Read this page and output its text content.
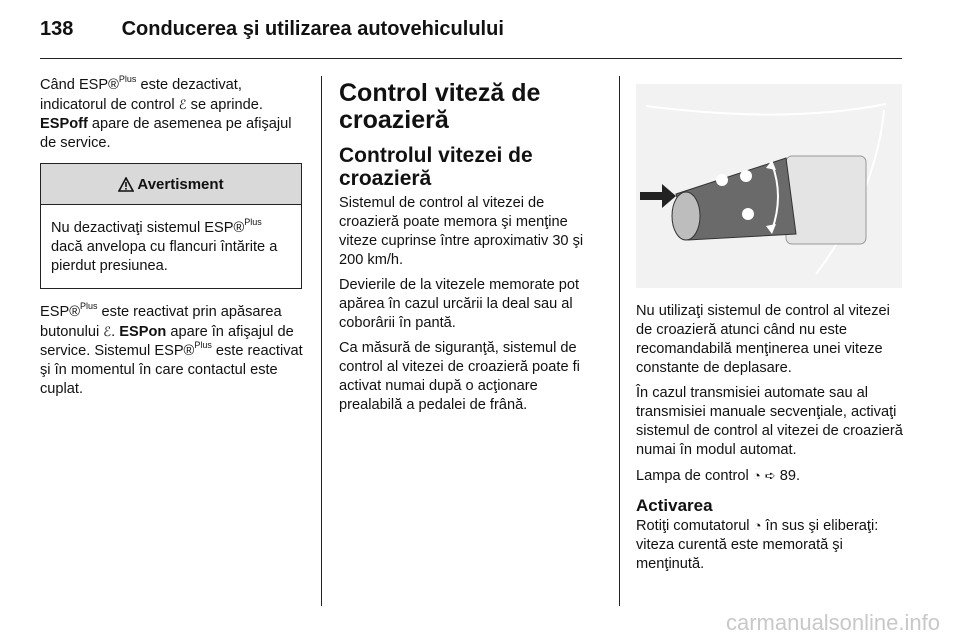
138 Conducerea şi utilizarea autovehiculului

Când ESP®$^{Plus}$ este dezactivat, indicatorul de control ℰ se aprinde. ESPoff apare de asemenea pe afişajul de service.

Avertisment
Nu dezactivaţi sistemul ESP®$^{Plus}$ dacă anvelopa cu flancuri întărite a pierdut presiunea.

ESP®$^{Plus}$ este reactivat prin apăsarea butonului ℰ. ESPon apare în afişajul de service. Sistemul ESP®$^{Plus}$ este reactivat şi în momentul în care contactul este cuplat.

Control viteză de croazieră
Controlul vitezei de croazieră

Sistemul de control al vitezei de croazieră poate memora şi menţine viteze cuprinse între aproximativ 30 şi 200 km/h.

Devierile de la vitezele memorate pot apărea în cazul urcării la deal sau al coborârii în pantă.

Ca măsură de siguranţă, sistemul de control al vitezei de croazieră poate fi activat numai după o acţionare prealabilă a pedalei de frână.

Nu utilizaţi sistemul de control al vitezei de croazieră atunci când nu este recomandabilă menţinerea unei viteze constante de deplasare.

În cazul transmisiei automate sau al transmisiei manuale secvenţiale, activaţi sistemul de control al vitezei de croazieră numai în modul automat.

Lampa de control ◔ ➪ 89.

Activarea

Rotiţi comutatorul ◔ în sus şi eliberaţi: viteza curentă este memorată şi menţinută.

carmanualsonline.info
